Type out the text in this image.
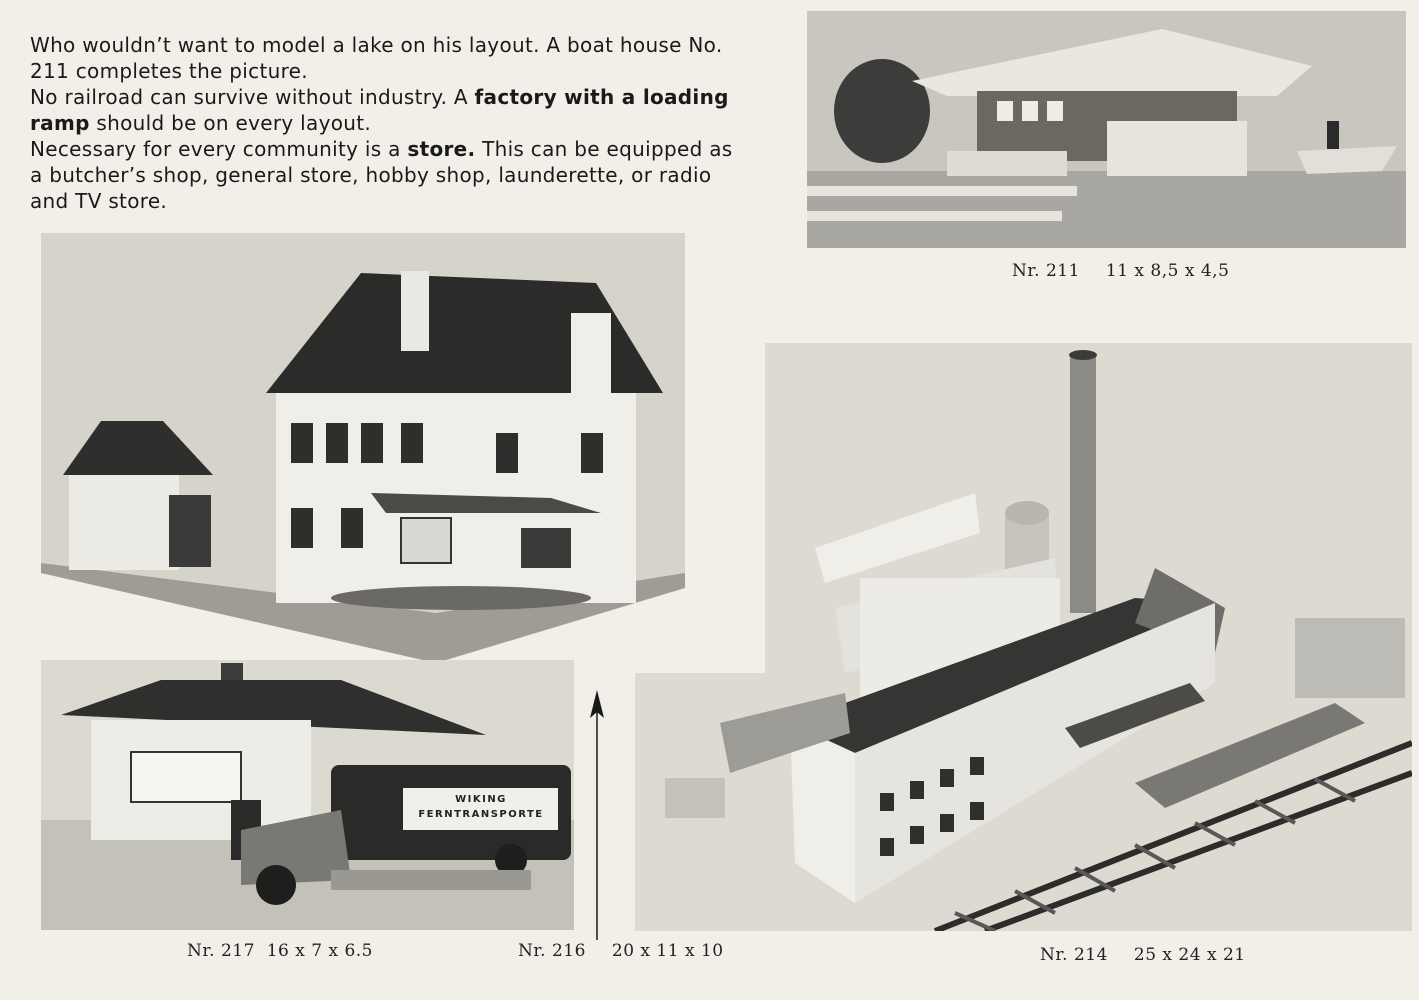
Who wouldn’t want to model a lake on his layout. A boat house No. 211 completes the picture.

No railroad can survive without industry. A factory with a loading ramp should be on every layout.

Necessary for every community is a store. This can be equipped as a butcher’s shop, general store, hobby shop, launderette, or radio and TV store.

Nr. 211 11 x 8,5 x 4,5
WIKING
FERNTRANSPORTE
Nr. 217 16 x 7 x 6.5	Nr. 216 20 x 11 x 10	Nr. 214 25 x 24 x 21
